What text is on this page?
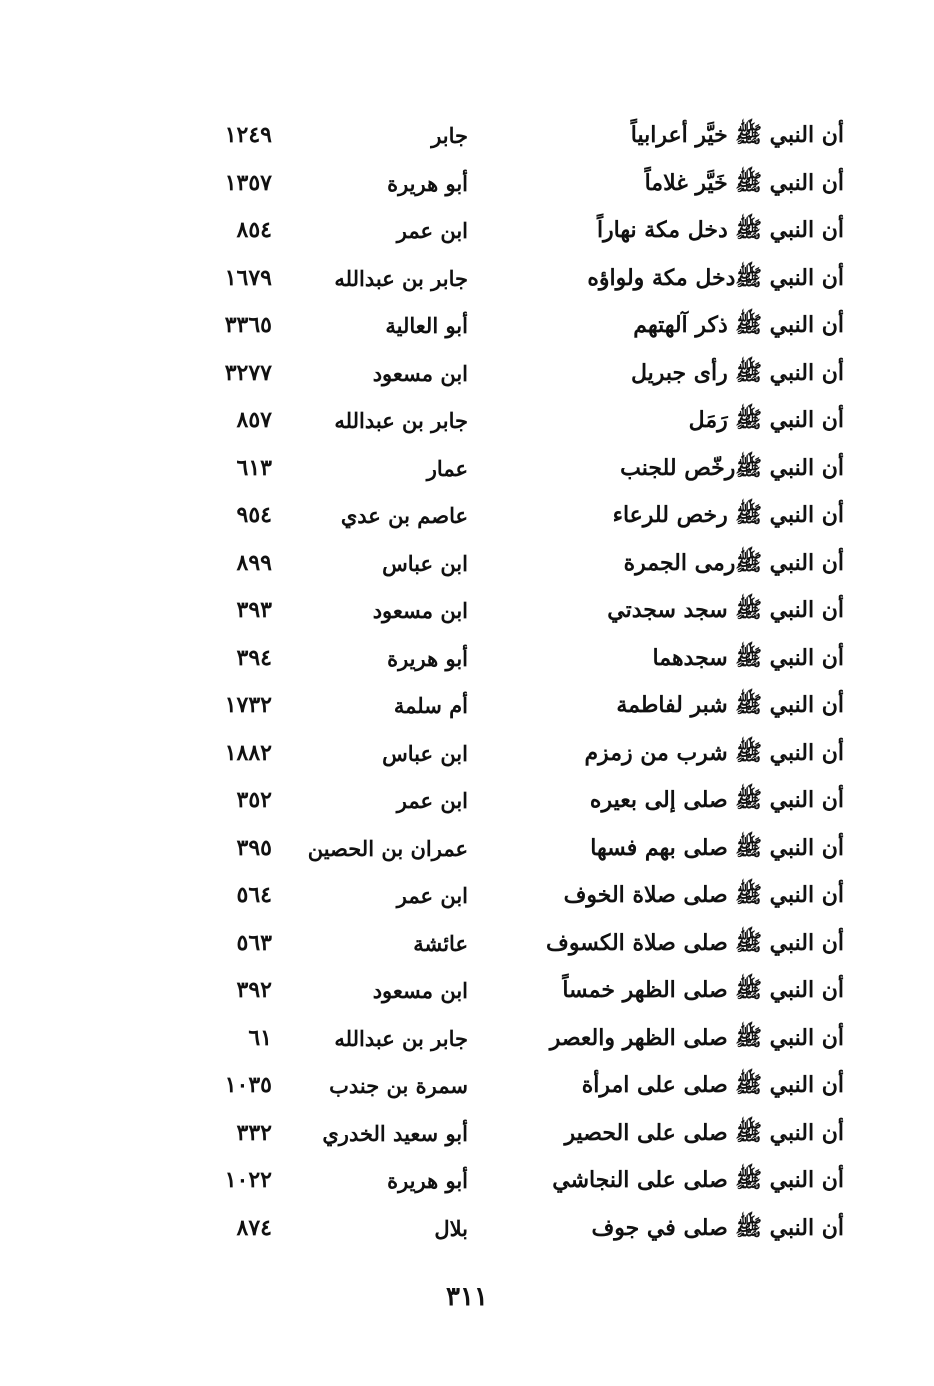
أن النبي ﷺ خيَّر أعرابياً
جابر
١٢٤٩
أن النبي ﷺ خَيَّر غلاماً
أبو هريرة
١٣٥٧
أن النبي ﷺ دخل مكة نهاراً
ابن عمر
٨٥٤
أن النبي ﷺدخل مكة ولواؤه
جابر بن عبدالله
١٦٧٩
أن النبي ﷺ ذكر آلهتهم
أبو العالية
٣٣٦٥
أن النبي ﷺ رأى جبريل
ابن مسعود
٣٢٧٧
أن النبي ﷺ رَمَل
جابر بن عبدالله
٨٥٧
أن النبي ﷺرخّص للجنب
عمار
٦١٣
أن النبي ﷺ رخص للرعاء
عاصم بن عدي
٩٥٤
أن النبي ﷺرمى الجمرة
ابن عباس
٨٩٩
أن النبي ﷺ سجد سجدتي
ابن مسعود
٣٩٣
أن النبي ﷺ سجدهما
أبو هريرة
٣٩٤
أن النبي ﷺ شبر لفاطمة
أم سلمة
١٧٣٢
أن النبي ﷺ شرب من زمزم
ابن عباس
١٨٨٢
أن النبي ﷺ صلى إلى بعيره
ابن عمر
٣٥٢
أن النبي ﷺ صلى بهم فسها
عمران بن الحصين
٣٩٥
أن النبي ﷺ صلى صلاة الخوف
ابن عمر
٥٦٤
أن النبي ﷺ صلى صلاة الكسوف
عائشة
٥٦٣
أن النبي ﷺ صلى الظهر خمساً
ابن مسعود
٣٩٢
أن النبي ﷺ صلى الظهر والعصر
جابر بن عبدالله
٦١
أن النبي ﷺ صلى على امرأة
سمرة بن جندب
١٠٣٥
أن النبي ﷺ صلى على الحصير
أبو سعيد الخدري
٣٣٢
أن النبي ﷺ صلى على النجاشي
أبو هريرة
١٠٢٢
أن النبي ﷺ صلى في جوف
بلال
٨٧٤
٣١١
